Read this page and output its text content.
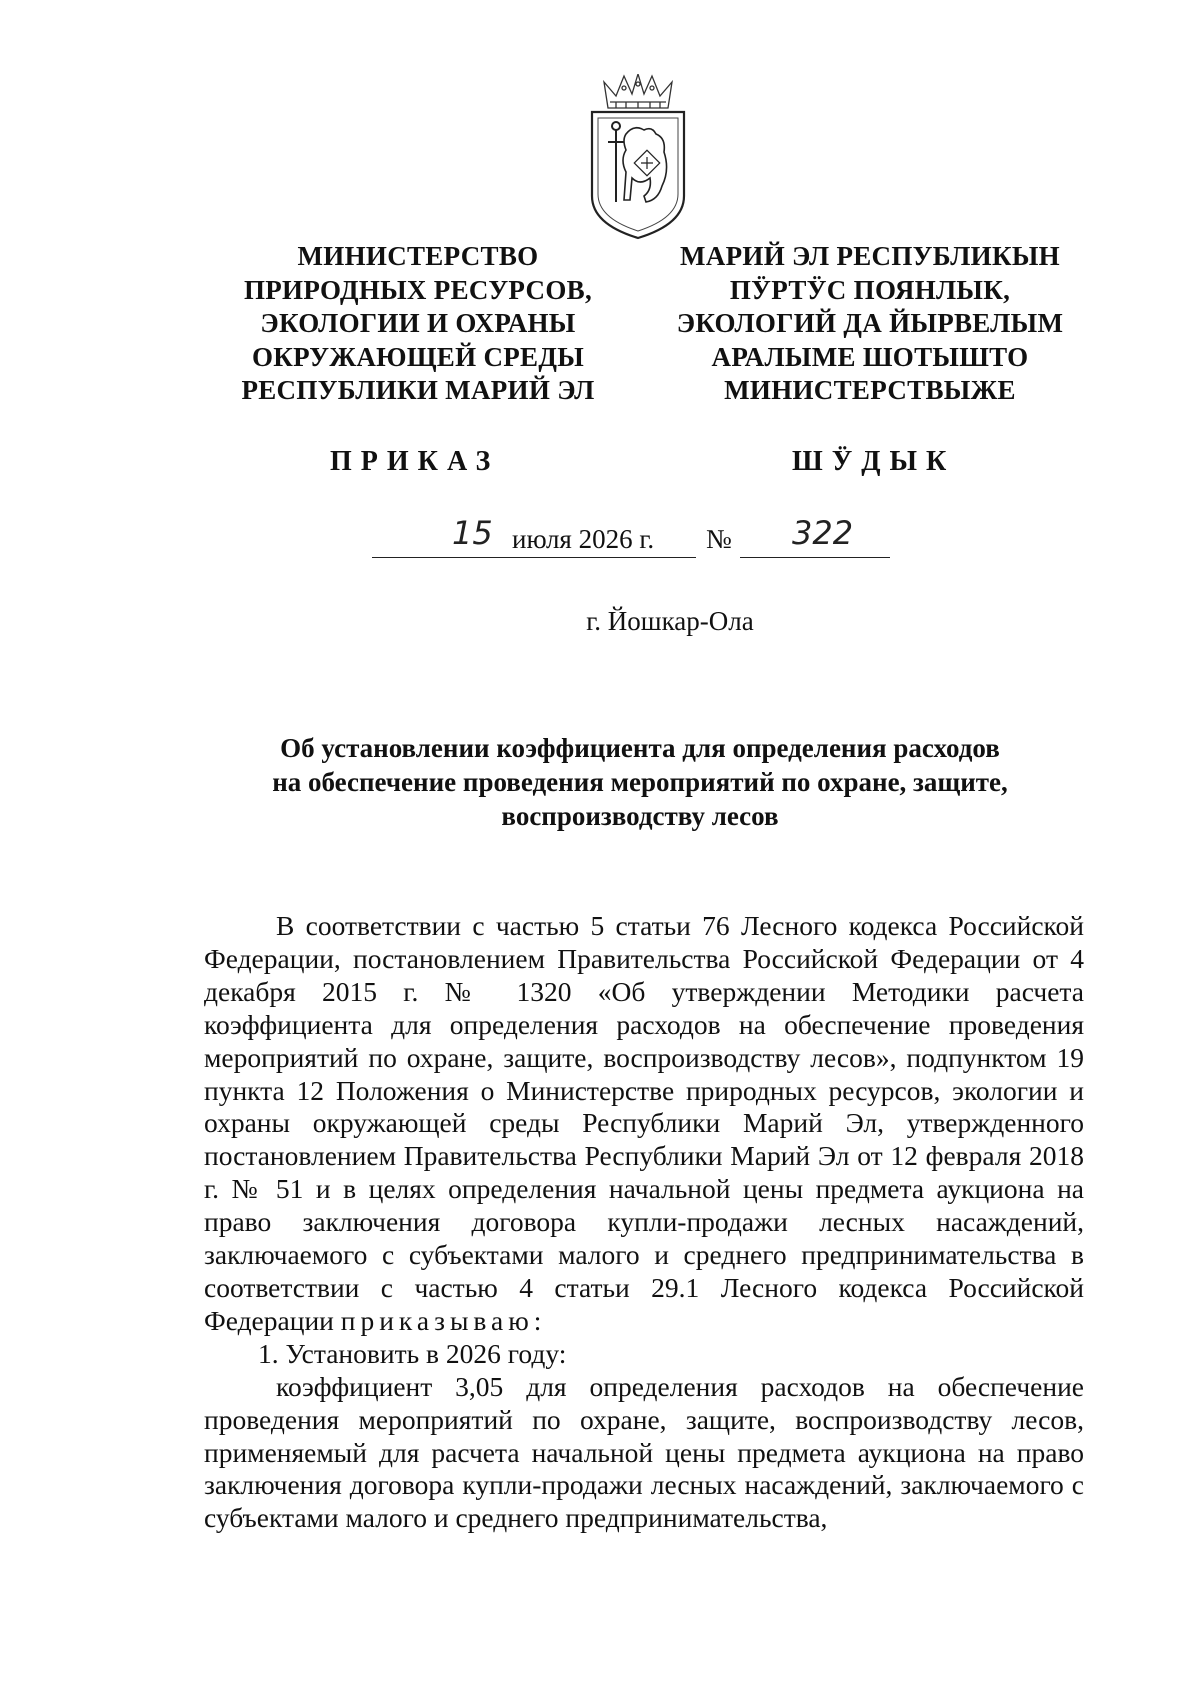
МИНИСТЕРСТВО
ПРИРОДНЫХ РЕСУРСОВ,
ЭКОЛОГИИ И ОХРАНЫ
ОКРУЖАЮЩЕЙ СРЕДЫ
РЕСПУБЛИКИ МАРИЙ ЭЛ
МАРИЙ ЭЛ РЕСПУБЛИКЫН
ПӰРТӰС ПОЯНЛЫК,
ЭКОЛОГИЙ ДА ЙЫРВЕЛЫМ
АРАЛЫМЕ ШОТЫШТО
МИНИСТЕРСТВЫЖЕ
ПРИКАЗ	ШӰДЫК
15 июля 2026 г. № 322
г. Йошкар-Ола
Об установлении коэффициента для определения расходов
на обеспечение проведения мероприятий по охране, защите,
воспроизводству лесов

В соответствии с частью 5 статьи 76 Лесного кодекса Российской Федерации, постановлением Правительства Российской Федерации от 4 декабря 2015 г. № 1320 «Об утверждении Методики расчета коэффициента для определения расходов на обеспечение проведения мероприятий по охране, защите, воспроизводству лесов», подпунктом 19 пункта 12 Положения о Министерстве природных ресурсов, экологии и охраны окружающей среды Республики Марий Эл, утвержденного постановлением Правительства Республики Марий Эл от 12 февраля 2018 г. № 51 и в целях определения начальной цены предмета аукциона на право заключения договора купли-продажи лесных насаждений, заключаемого с субъектами малого и среднего предпринимательства в соответствии с частью 4 статьи 29.1 Лесного кодекса Российской Федерации приказываю:

1. Установить в 2026 году:

коэффициент 3,05 для определения расходов на обеспечение проведения мероприятий по охране, защите, воспроизводству лесов, применяемый для расчета начальной цены предмета аукциона на право заключения договора купли-продажи лесных насаждений, заключаемого с субъектами малого и среднего предпринимательства,
